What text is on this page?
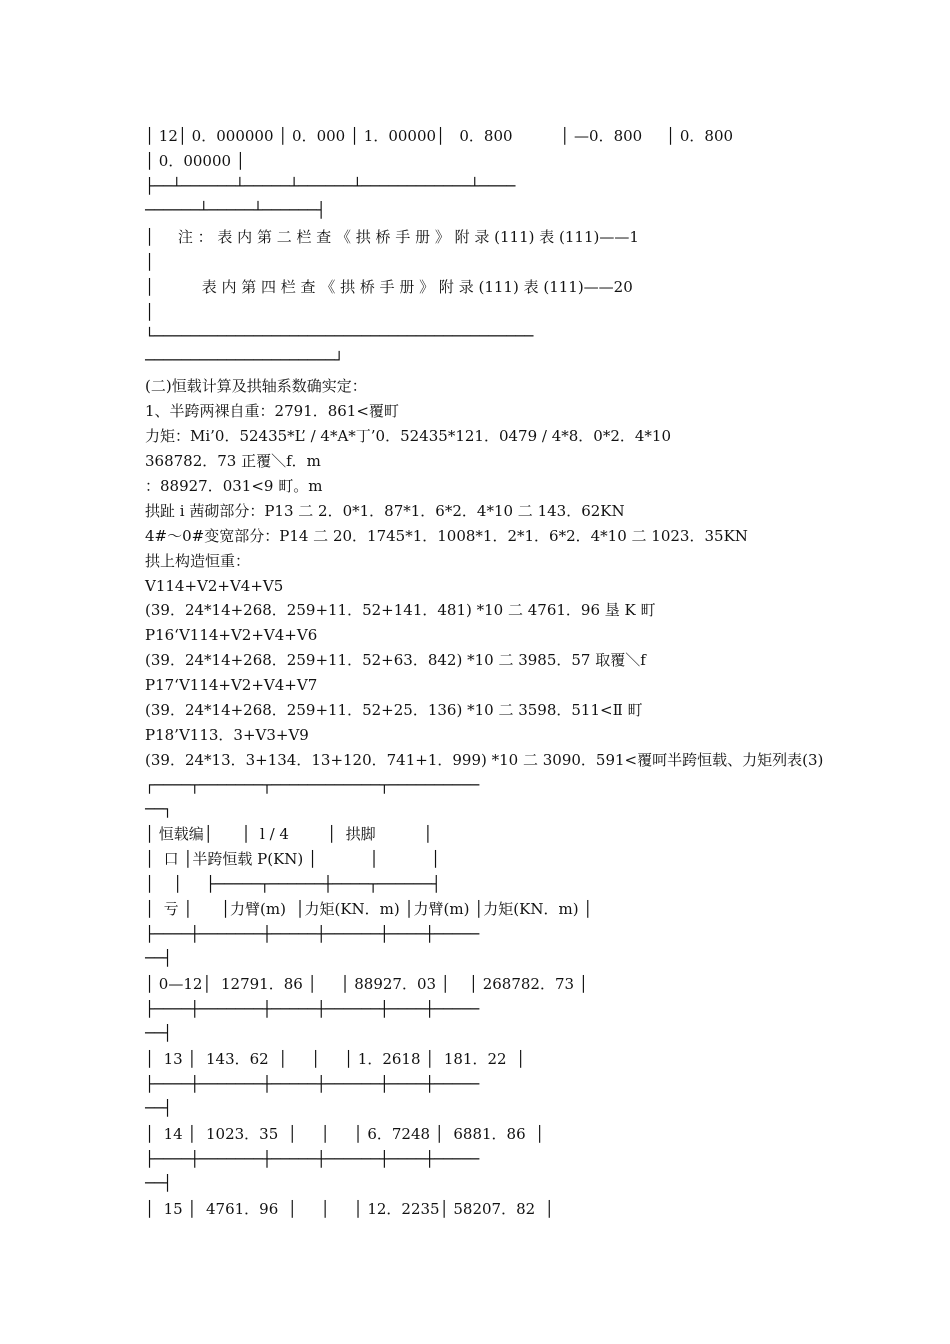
│ 12│ 0．000000 │ 0．000 │ 1．00000│   0．800          │ —0．800     │ 0．800
│ 0．00000 │
├──┴──────┴─────┴──────┴────────────┴────
──────┴─────┴──────┤
│     注 ： 表 内 第 二 栏 查 《 拱 桥 手 册 》 附 录 (111) 表 (111)——1
│
│          表 内 第 四 栏 查 《 拱 桥 手 册 》 附 录 (111) 表 (111)——20
│
└──────────────────────────────────────────
─────────────────────┘
(二)恒载计算及拱轴系数确实定：
1、半跨两裸自重：2791．861<覆町
力矩：Mi’0．52435*L’ / 4*A*丁’0．52435*121．0479 / 4*8．0*2．4*10
368782．73 正覆＼f．m
：88927．031<9 町。m
拱趾 i 茜砌部分：P13 二 2．0*1．87*1．6*2．4*10 二 143．62KN
4#～0#变宽部分：P14 二 20．1745*1．1008*1．2*1．6*2．4*10 二 1023．35KN
拱上构造恒重：
V114+V2+V4+V5
(39．24*14+268．259+11．52+141．481) *10 二 4761．96 垦 K 町
P16‘V114+V2+V4+V6
(39．24*14+268．259+11．52+63．842) *10 二 3985．57 取覆＼f
P17‘V114+V2+V4+V7
(39．24*14+268．259+11．52+25．136) *10 二 3598．511<Ⅱ 町
P18’V113．3+V3+V9
(39．24*13．3+134．13+120．741+1．999) *10 二 3090．591<覆呵半跨恒载、力矩列表(3)
┌────┬───────┬────────────┬──────────
──┐
│ 恒载编│      │  l / 4        │  拱脚          │
│  口 │半跨恒载 P(KN) │           │           │
│    │     ├─────┬──────┼────┬──────┤
│  亏 │      │力臂(m)  │力矩(KN．m) │力臂(m) │力矩(KN．m) │
├────┼───────┼─────┼──────┼────┼─────
──┤
│ 0—12│  12791．86 │     │ 88927．03 │    │ 268782．73 │
├────┼───────┼─────┼──────┼────┼─────
──┤
│  13 │  143．62  │     │     │ 1．2618 │  181．22  │
├────┼───────┼─────┼──────┼────┼─────
──┤
│  14 │  1023．35  │     │     │ 6．7248 │  6881．86  │
├────┼───────┼─────┼──────┼────┼─────
──┤
│  15 │  4761．96  │     │     │ 12．2235│ 58207．82  │
